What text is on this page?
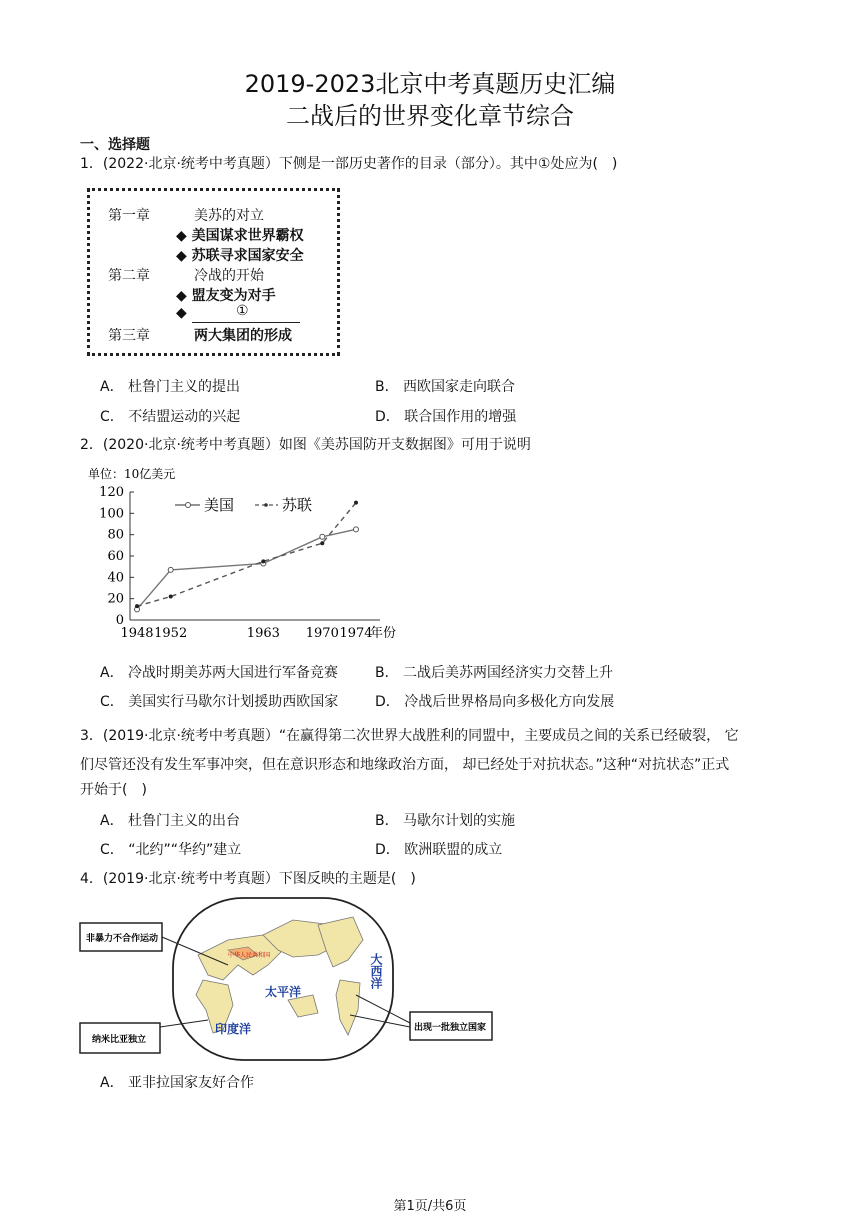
2019-2023北京中考真题历史汇编
二战后的世界变化章节综合
一、选择题
1．(2022·北京·统考中考真题）下侧是一部历史著作的目录（部分）。其中①处应为(　)
第一章	美苏的对立
◆ 美国谋求世界霸权
◆ 苏联寻求国家安全
第二章	冷战的开始
◆ 盟友变为对手
◆	①
第三章	两大集团的形成
A． 杜鲁门主义的提出	B． 西欧国家走向联合
C． 不结盟运动的兴起	D． 联合国作用的增强
2．(2020·北京·统考中考真题）如图《美苏国防开支数据图》可用于说明
单位：10亿美元
0
20
40
60
80
100
120
1948 1952	1963 1970 1974
年份
美国	苏联
A． 冷战时期美苏两大国进行军备竞赛	B． 二战后美苏两国经济实力交替上升
C． 美国实行马歇尔计划援助西欧国家	D． 冷战后世界格局向多极化方向发展
3．(2019·北京·统考中考真题）“在赢得第二次世界大战胜利的同盟中，主要成员之间的关系已经破裂， 它
们尽管还没有发生军事冲突，但在意识形态和地缘政治方面， 却已经处于对抗状态。”这种“对抗状态”正式
开始于(　)
A． 杜鲁门主义的出台	B． 马歇尔计划的实施
C． “北约”“华约”建立	D． 欧洲联盟的成立
4．(2019·北京·统考中考真题）下图反映的主题是(　)
中华人民共和国
太平洋
印度洋
大西洋
非暴力不合作运动
纳米比亚独立
出现一批独立国家
A． 亚非拉国家友好合作
第1页/共6页
